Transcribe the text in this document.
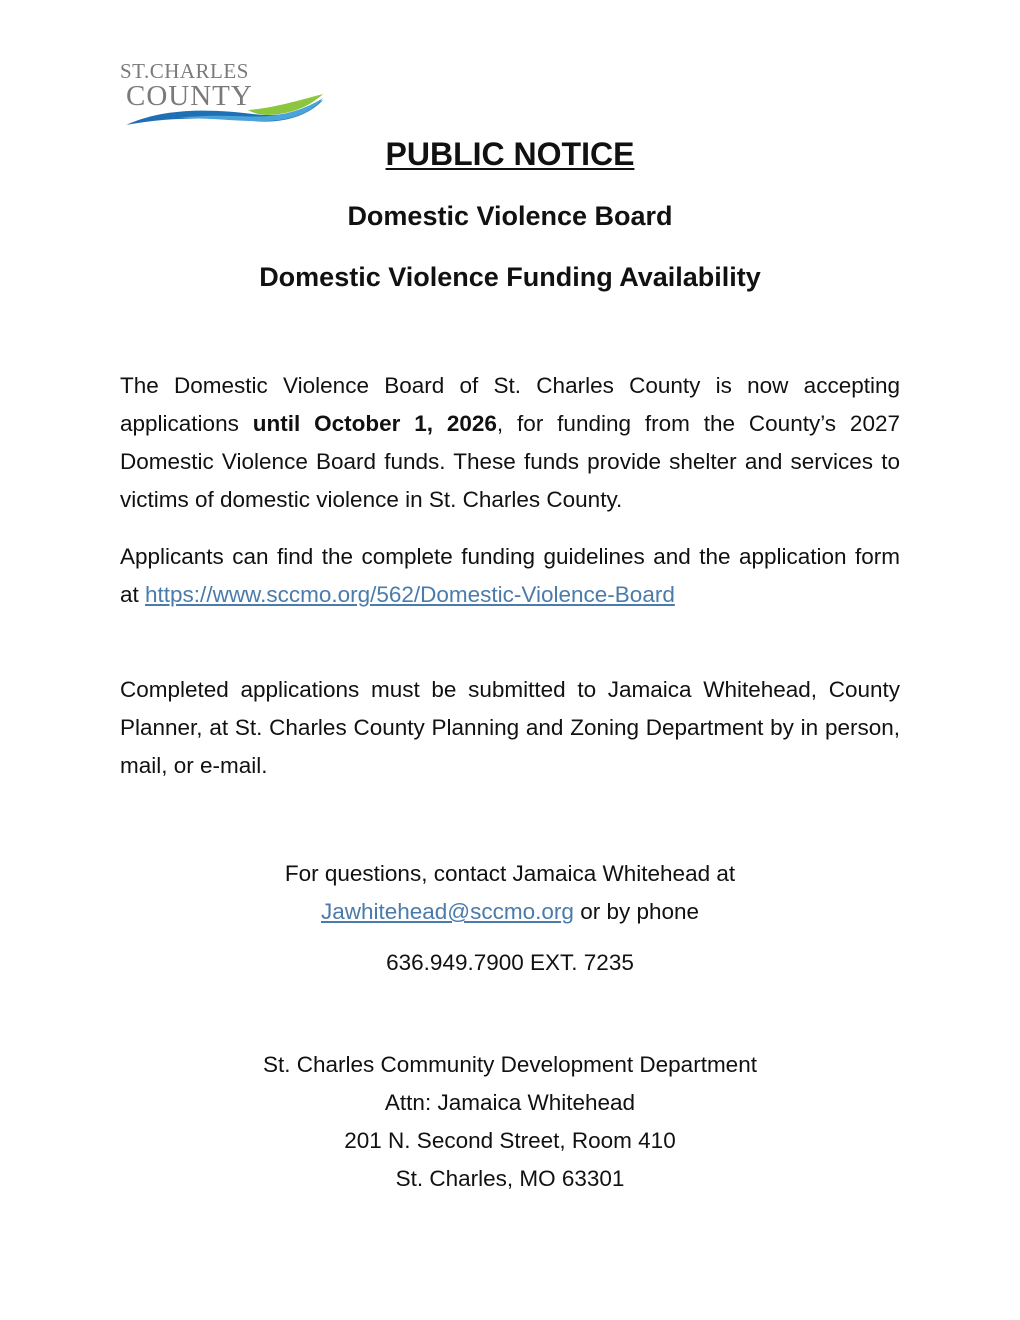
ST.CHARLES
COUNTY
PUBLIC NOTICE
Domestic Violence Board
Domestic Violence Funding Availability

The Domestic Violence Board of St. Charles County is now accepting applications until October 1, 2026, for funding from the County’s 2027 Domestic Violence Board funds. These funds provide shelter and services to victims of domestic violence in St. Charles County.

Applicants can find the complete funding guidelines and the application form at https://www.sccmo.org/562/Domestic-Violence-Board

Completed applications must be submitted to Jamaica Whitehead, County Planner, at St. Charles County Planning and Zoning Department by in person, mail, or e-mail.

For questions, contact Jamaica Whitehead at
Jawhitehead@sccmo.org or by phone

636.949.7900 EXT. 7235

St. Charles Community Development Department
Attn: Jamaica Whitehead
201 N. Second Street, Room 410
St. Charles, MO 63301
